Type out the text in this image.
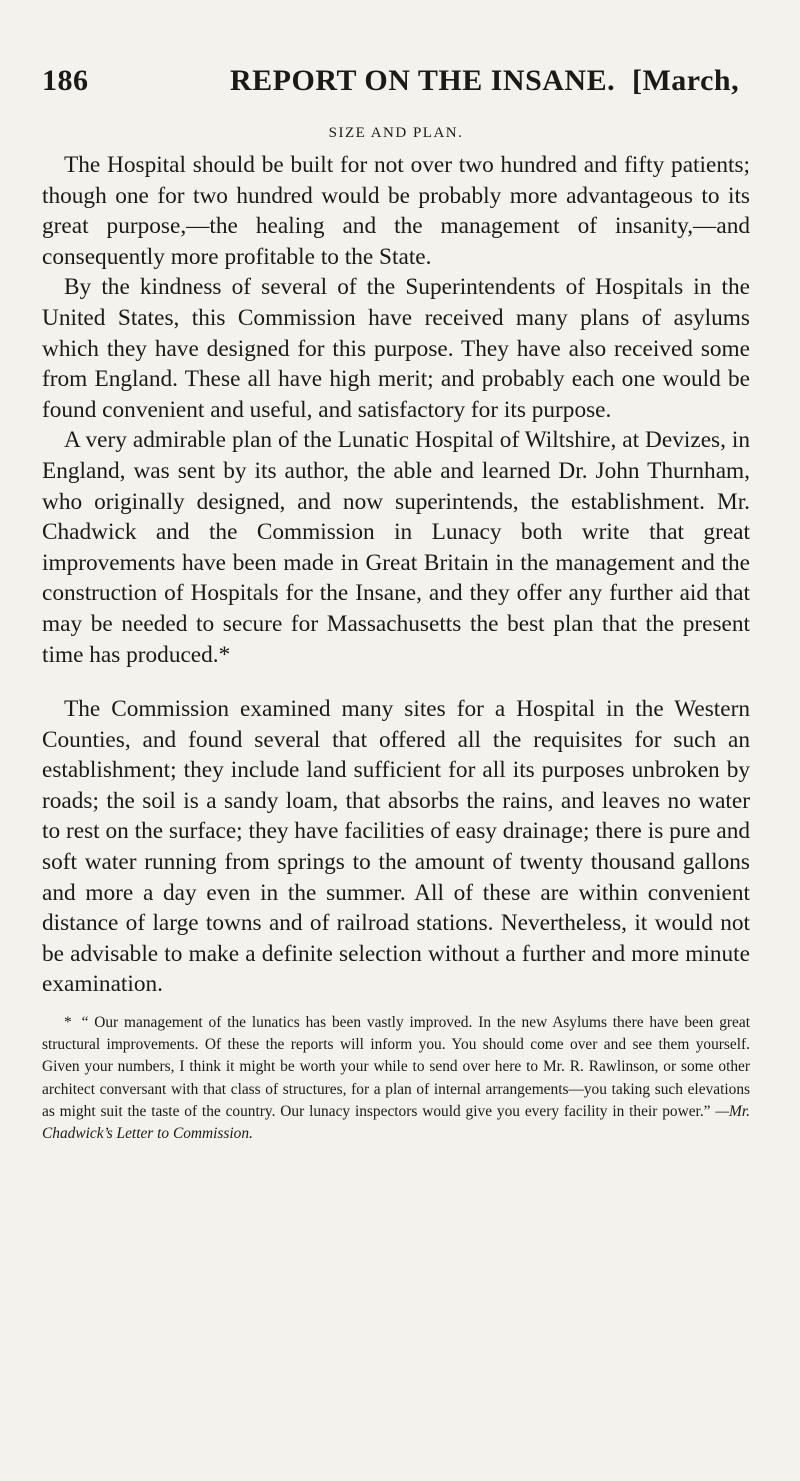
186	REPORT ON THE INSANE. [March,
SIZE AND PLAN.

The Hospital should be built for not over two hundred and fifty patients; though one for two hundred would be probably more advantageous to its great purpose,—the healing and the management of insanity,—and consequently more profitable to the State.

By the kindness of several of the Superintendents of Hospitals in the United States, this Commission have received many plans of asylums which they have designed for this purpose. They have also received some from England. These all have high merit; and probably each one would be found convenient and useful, and satisfactory for its purpose.

A very admirable plan of the Lunatic Hospital of Wiltshire, at Devizes, in England, was sent by its author, the able and learned Dr. John Thurnham, who originally designed, and now superintends, the establishment. Mr. Chadwick and the Commission in Lunacy both write that great improvements have been made in Great Britain in the management and the construction of Hospitals for the Insane, and they offer any further aid that may be needed to secure for Massachusetts the best plan that the present time has produced.*

The Commission examined many sites for a Hospital in the Western Counties, and found several that offered all the requisites for such an establishment; they include land sufficient for all its purposes unbroken by roads; the soil is a sandy loam, that absorbs the rains, and leaves no water to rest on the surface; they have facilities of easy drainage; there is pure and soft water running from springs to the amount of twenty thousand gallons and more a day even in the summer. All of these are within convenient distance of large towns and of railroad stations. Nevertheless, it would not be advisable to make a definite selection without a further and more minute examination.

* “ Our management of the lunatics has been vastly improved. In the new Asylums there have been great structural improvements. Of these the reports will inform you. You should come over and see them yourself. Given your numbers, I think it might be worth your while to send over here to Mr. R. Rawlinson, or some other architect conversant with that class of structures, for a plan of internal arrangements—you taking such elevations as might suit the taste of the country. Our lunacy inspectors would give you every facility in their power.” —Mr. Chadwick’s Letter to Commission.
